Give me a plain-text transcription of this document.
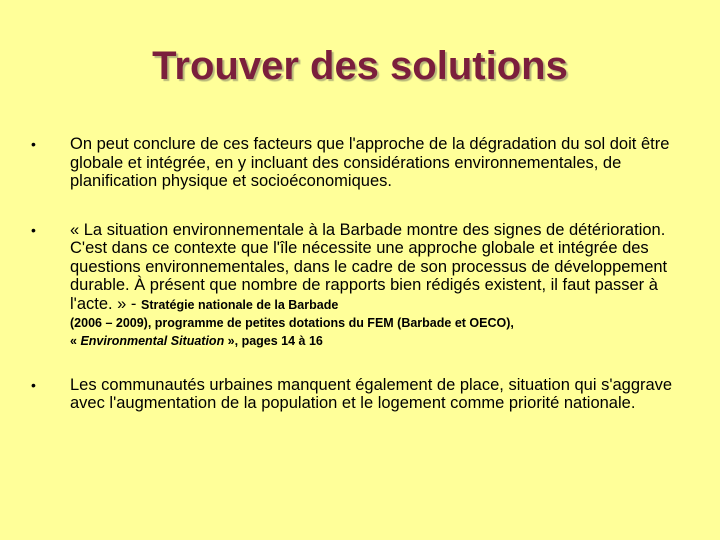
Trouver des solutions
• On peut conclure de ces facteurs que l'approche de la dégradation du sol doit être globale et intégrée, en y incluant des considérations environnementales, de planification physique et socioéconomiques.
• « La situation environnementale à la Barbade montre des signes de détérioration. C'est dans ce contexte que l'île nécessite une approche globale et intégrée des questions environnementales, dans le cadre de son processus de développement durable. À présent que nombre de rapports bien rédigés existent, il faut passer à l'acte. » - Stratégie nationale de la Barbade
(2006 – 2009), programme de petites dotations du FEM (Barbade et OECO),
« Environmental Situation », pages 14 à 16
• Les communautés urbaines manquent également de place, situation qui s'aggrave avec l'augmentation de la population et le logement comme priorité nationale.
